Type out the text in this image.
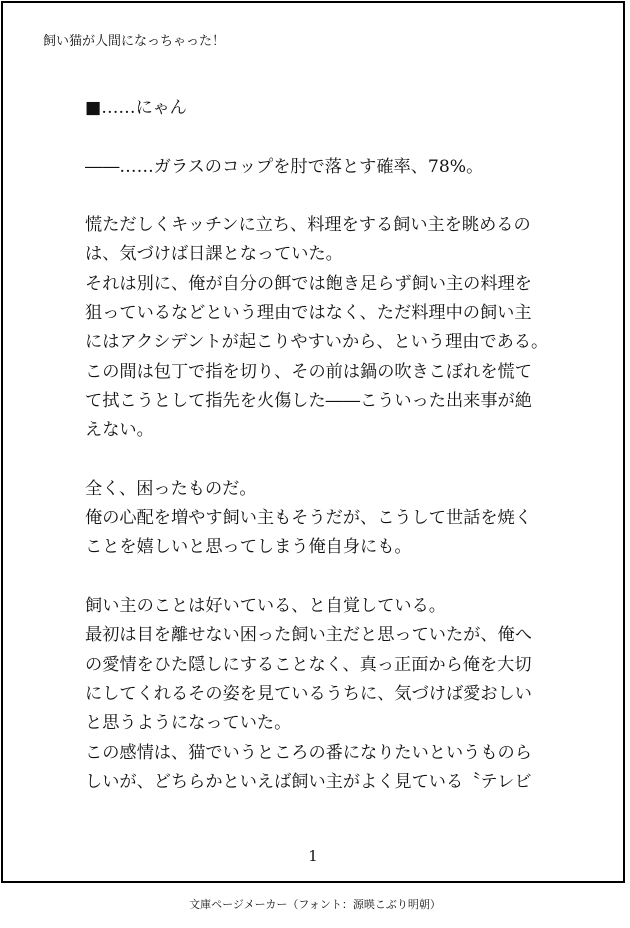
飼い猫が人間になっちゃった！
■……にゃん
――……ガラスのコップを肘で落とす確率、78%。
慌ただしくキッチンに立ち、料理をする飼い主を眺めるの
は、気づけば日課となっていた。
それは別に、俺が自分の餌では飽き足らず飼い主の料理を
狙っているなどという理由ではなく、ただ料理中の飼い主
にはアクシデントが起こりやすいから、という理由である。
この間は包丁で指を切り、その前は鍋の吹きこぼれを慌て
て拭こうとして指先を火傷した――こういった出来事が絶
えない。
全く、困ったものだ。
俺の心配を増やす飼い主もそうだが、こうして世話を焼く
ことを嬉しいと思ってしまう俺自身にも。
飼い主のことは好いている、と自覚している。
最初は目を離せない困った飼い主だと思っていたが、俺へ
の愛情をひた隠しにすることなく、真っ正面から俺を大切
にしてくれるその姿を見ているうちに、気づけば愛おしい
と思うようになっていた。
この感情は、猫でいうところの番になりたいというものら
しいが、どちらかといえば飼い主がよく見ている〝テレビ
1
文庫ページメーカー（フォント：源暎こぶり明朝）
